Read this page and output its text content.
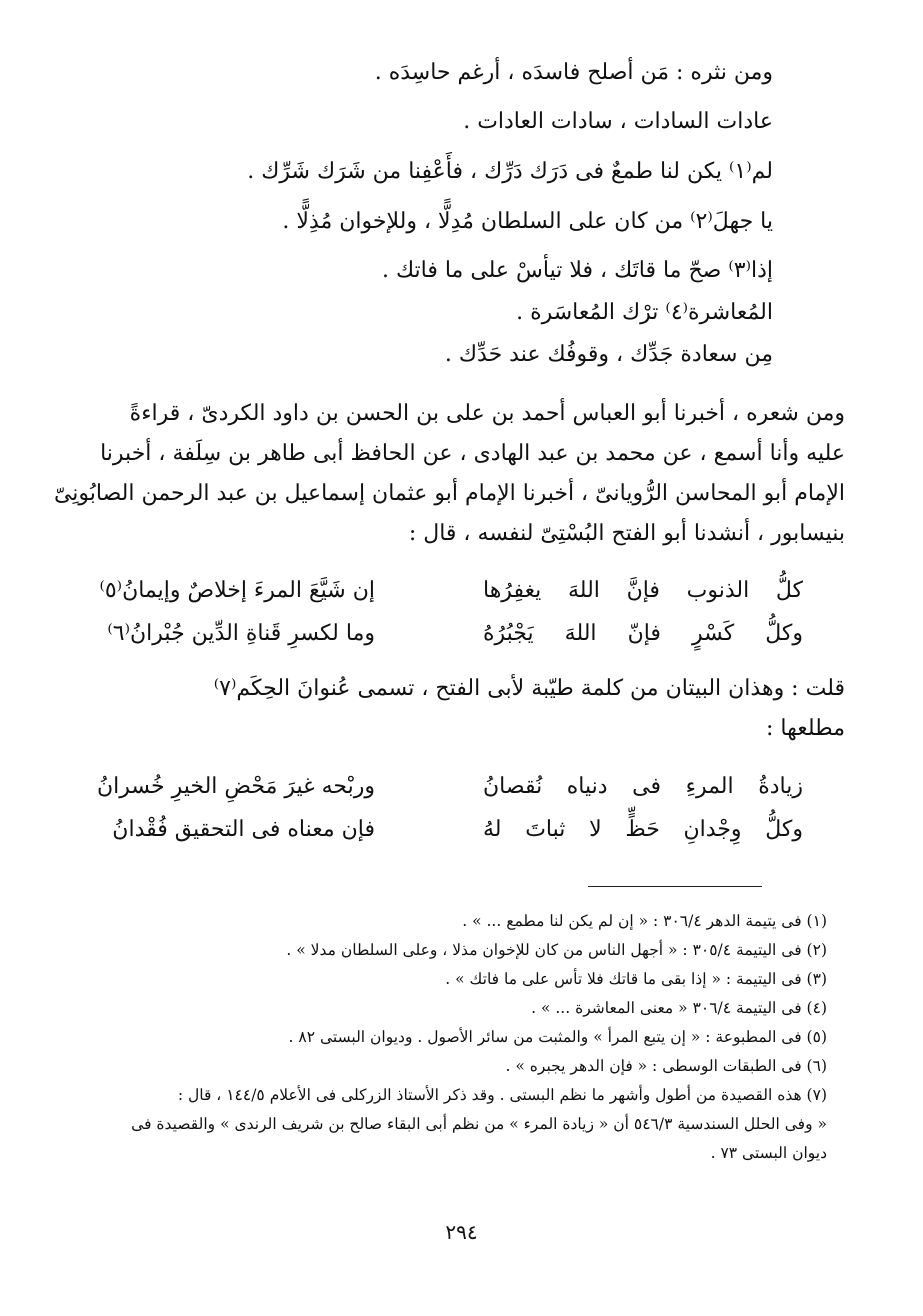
ومن نثره : مَن أصلح فاسدَه ، أرغم حاسِدَه .
عادات السادات ، سادات العادات .
لم⁽١⁾ يكن لنا طمعٌ فى دَرَك دَرِّك ، فأَعْفِنا من شَرَك شَرِّك .
يا جهلَ⁽٢⁾ من كان على السلطان مُدِلًّا ، وللإخوان مُذِلًّا .
إذا⁽٣⁾ صحّ ما قاتَك ، فلا تيأسْ على ما فاتك .
المُعاشرة⁽٤⁾ ترْك المُعاسَرة .
مِن سعادة جَدِّك ، وقوفُك عند حَدِّك .
ومن شعره ، أخبرنا أبو العباس أحمد بن على بن الحسن بن داود الكردىّ ، قراءةً
عليه وأنا أسمع ، عن محمد بن عبد الهادى ، عن الحافظ أبى طاهر بن سِلَفة ، أخبرنا
الإمام أبو المحاسن الرُّويانىّ ، أخبرنا الإمام أبو عثمان إسماعيل بن عبد الرحمن الصابُونِىّ
بنيسابور ، أنشدنا أبو الفتح البُسْتِىّ لنفسه ، قال :
كلُّ الذنوب فإنَّ اللهَ يغفِرُها
إن شَيَّعَ المرءَ إخلاصٌ وإيمانُ⁽٥⁾
وكلُّ كَسْرٍ فإنّ اللهَ يَجْبُرُهُ
وما لكسرِ قَناةِ الدِّين جُبْرانُ⁽٦⁾
قلت : وهذان البيتان من كلمة طيّبة لأبى الفتح ، تسمى عُنوانَ الحِكَم⁽٧⁾
مطلعها :
زيادةُ المرءِ فى دنياه نُقصانُ
وربْحه غيرَ مَحْضِ الخيرِ خُسرانُ
وكلُّ وِجْدانِ حَظٍّ لا ثباتَ لهُ
فإن معناه فى التحقيق فُقْدانُ
(١) فى يتيمة الدهر ٣٠٦/٤ : « إن لم يكن لنا مطمع ... » .
(٢) فى اليتيمة ٣٠٥/٤ : « أجهل الناس من كان للإخوان مذلا ، وعلى السلطان مدلا » .
(٣) فى اليتيمة : « إذا بقى ما قاتك فلا تأس على ما فاتك » .
(٤) فى اليتيمة ٣٠٦/٤ « معنى المعاشرة ... » .
(٥) فى المطبوعة : « إن يتبع المرأ » والمثبت من سائر الأصول . وديوان البستى ٨٢ .
(٦) فى الطبقات الوسطى : « فإن الدهر يجبره » .
(٧) هذه القصيدة من أطول وأشهر ما نظم البستى . وقد ذكر الأستاذ الزركلى فى الأعلام ١٤٤/٥ ، قال :
« وفى الحلل السندسية ٥٤٦/٣ أن « زيادة المرء » من نظم أبى البقاء صالح بن شريف الرندى » والقصيدة فى
ديوان البستى ٧٣ .
٢٩٤
